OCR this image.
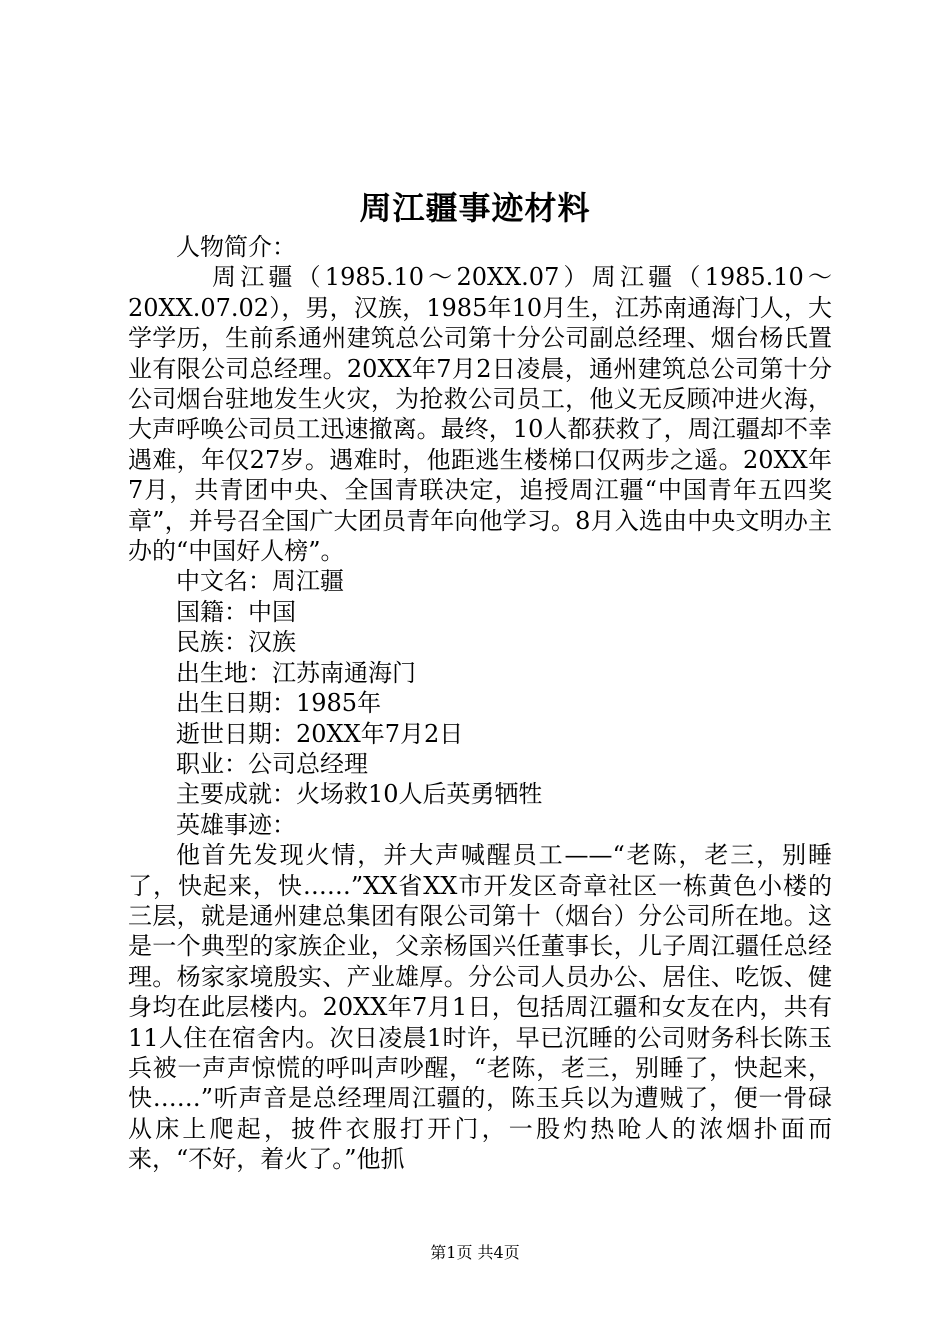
周江疆事迹材料

人物简介：

周江疆（1985.10～20XX.07）周江疆（1985.10～20XX.07.02），男，汉族，1985年10月生，江苏南通海门人，大学学历，生前系通州建筑总公司第十分公司副总经理、烟台杨氏置业有限公司总经理。20XX年7月2日凌晨，通州建筑总公司第十分公司烟台驻地发生火灾，为抢救公司员工，他义无反顾冲进火海，大声呼唤公司员工迅速撤离。最终，10人都获救了，周江疆却不幸遇难，年仅27岁。遇难时，他距逃生楼梯口仅两步之遥。20XX年7月，共青团中央、全国青联决定，追授周江疆“中国青年五四奖章”，并号召全国广大团员青年向他学习。8月入选由中央文明办主办的“中国好人榜”。

中文名：周江疆

国籍：中国

民族：汉族

出生地：江苏南通海门

出生日期：1985年

逝世日期：20XX年7月2日

职业：公司总经理

主要成就：火场救10人后英勇牺牲

英雄事迹：

他首先发现火情，并大声喊醒员工——“老陈，老三，别睡了，快起来，快……”XX省XX市开发区奇章社区一栋黄色小楼的三层，就是通州建总集团有限公司第十（烟台）分公司所在地。这是一个典型的家族企业，父亲杨国兴任董事长，儿子周江疆任总经理。杨家家境殷实、产业雄厚。分公司人员办公、居住、吃饭、健身均在此层楼内。20XX年7月1日，包括周江疆和女友在内，共有11人住在宿舍内。次日凌晨1时许，早已沉睡的公司财务科长陈玉兵被一声声惊慌的呼叫声吵醒，“老陈，老三，别睡了，快起来，快……”听声音是总经理周江疆的，陈玉兵以为遭贼了，便一骨碌从床上爬起，披件衣服打开门，一股灼热呛人的浓烟扑面而来，“不好，着火了。”他抓

第1页 共4页
